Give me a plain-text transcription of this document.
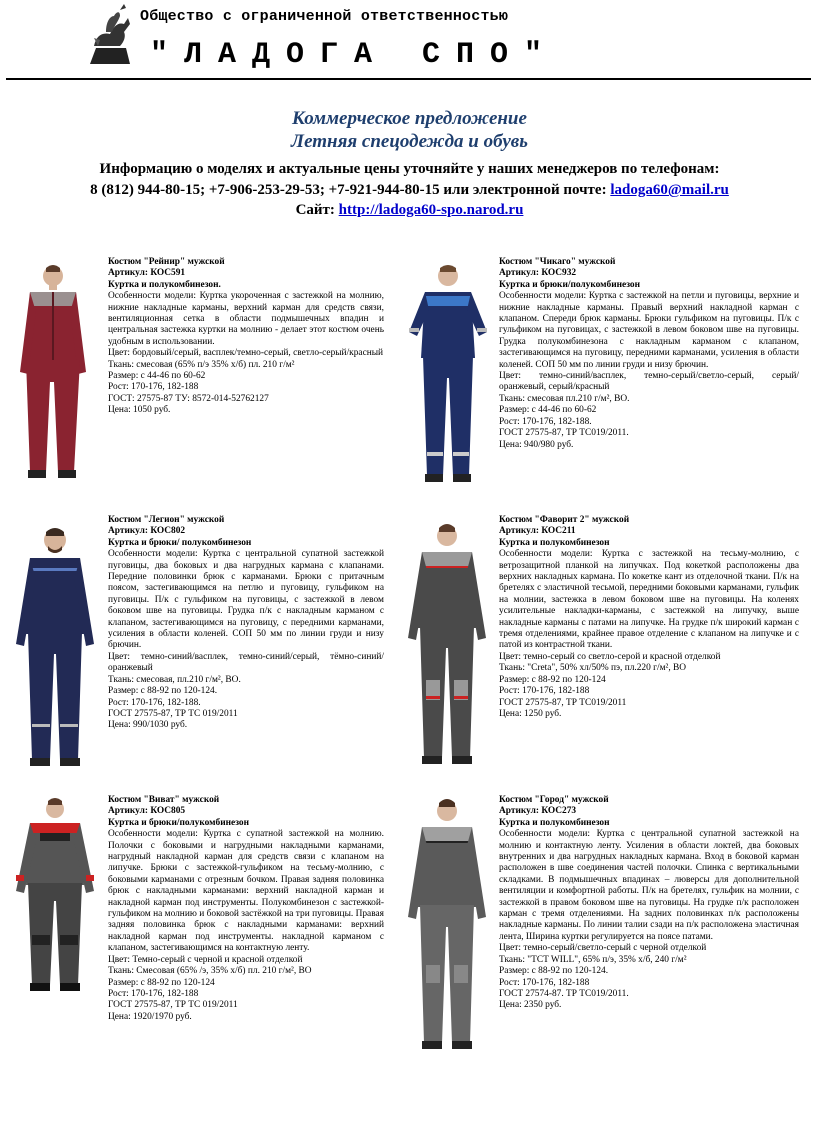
Общество с ограниченной ответственностью
"ЛАДОГА СПО"
Коммерческое предложение
Летняя спецодежда и обувь
Информацию о моделях и актуальные цены уточняйте у наших менеджеров по телефонам:
8 (812) 944-80-15; +7-906-253-29-53; +7-921-944-80-15 или электронной почте: ladoga60@mail.ru
Сайт: http://ladoga60-spo.narod.ru
Костюм "Рейнир" мужской
Артикул: КОС591
Куртка и полукомбинезон.
Особенности модели: Куртка укороченная с застежкой на молнию, нижние накладные карманы, верхний карман для средств связи, вентиляционная сетка в области подмышечных впадин и центральная застежка куртки на молнию - делает этот костюм очень удобным в использовании.
Цвет: бордовый/серый, васплек/темно-серый, светло-серый/красный
Ткань: смесовая (65% п/э 35% х/б) пл. 210 г/м²
Размер: с 44-46 по 60-62
Рост: 170-176, 182-188
ГОСТ: 27575-87 ТУ: 8572-014-52762127
Цена: 1050 руб.
Костюм "Чикаго" мужской
Артикул: КОС932
Куртка и брюки/полукомбинезон
Особенности модели: Куртка с застежкой на петли и пуговицы, верхние и нижние накладные карманы. Правый верхний накладной карман с клапаном. Спереди брюк карманы. Брюки гульфиком на пуговицы. П/к с гульфиком на пуговицах, с застежкой в левом боковом шве на пуговицы. Грудка полукомбинезона с накладным карманом с клапаном, застегивающимся на пуговицу, передними карманами, усиления в области коленей. СОП 50 мм по линии груди и низу брючин.
Цвет: темно-синий/васплек, темно-серый/светло-серый, серый/оранжевый, серый/красный
Ткань: смесовая пл.210 г/м², ВО.
Размер: с 44-46 по 60-62
Рост: 170-176, 182-188.
ГОСТ 27575-87, ТР ТС019/2011.
Цена: 940/980 руб.
Костюм "Легион" мужской
Артикул: КОС802
Куртка и брюки/ полукомбинезон
Особенности модели: Куртка с центральной супатной застежкой пуговицы, два боковых и два нагрудных кармана с клапанами. Передние половинки брюк с карманами. Брюки с притачным поясом, застегивающимся на петлю и пуговицу, гульфиком на пуговицы. П/к с гульфиком на пуговицы, с застежкой в левом боковом шве на пуговицы. Грудка п/к с накладным карманом с клапаном, застегивающимся на пуговицу, с передними карманами, усиления в области коленей. СОП 50 мм по линии груди и низу брючин.
Цвет: темно-синий/васплек, темно-синий/серый, тёмно-синий/оранжевый
Ткань: смесовая, пл.210 г/м², ВО.
Размер: с 88-92 по 120-124.
Рост: 170-176, 182-188.
ГОСТ 27575-87, ТР ТС 019/2011
Цена: 990/1030 руб.
Костюм "Фаворит 2" мужской
Артикул: КОС211
Куртка и полукомбинезон
Особенности модели: Куртка с застежкой на тесьму-молнию, с ветрозащитной планкой на липучках. Под кокеткой расположены два верхних накладных кармана. По кокетке кант из отделочной ткани. П/к на бретелях с эластичной тесьмой, передними боковыми карманами, гульфик на молнии, застежка в левом боковом шве на пуговицы. На коленях усилительные накладки-карманы, с застежкой на липучку, выше накладные карманы с патами на липучке. На грудке п/к широкий карман с тремя отделениями, крайнее правое отделение с клапаном на липучке и с патой из контрастной ткани.
Цвет: темно-серый со светло-серой и красной отделкой
Ткань: "Creta", 50% хл/50% пэ, пл.220 г/м², ВО
Размер: с 88-92 по 120-124
Рост: 170-176, 182-188
ГОСТ 27575-87, ТР ТС019/2011
Цена: 1250 руб.
Костюм "Виват" мужской
Артикул: КОС805
Куртка и брюки/полукомбинезон
Особенности модели: Куртка с супатной застежкой на молнию. Полочки с боковыми и нагрудными накладными карманами, нагрудный накладной карман для средств связи с клапаном на липучке. Брюки с застежкой-гульфиком на тесьму-молнию, с боковыми карманами с отрезным бочком. Правая задняя половинка брюк с накладными карманами: верхний накладной карман и накладной карман под инструменты. Полукомбинезон с застежкой-гульфиком на молнию и боковой застёжкой на три пуговицы. Правая задняя половинка брюк с накладными карманами: верхний накладной карман под инструменты. накладной карманом с клапаном, застегивающимся на контактную ленту.
Цвет: Темно-серый с черной и красной отделкой
Ткань: Смесовая (65% /э, 35% х/б) пл. 210 г/м², ВО
Размер: с 88-92 по 120-124
Рост: 170-176, 182-188
ГОСТ 27575-87, ТР ТС 019/2011
Цена: 1920/1970 руб.
Костюм "Город" мужской
Артикул: КОС273
Куртка и полукомбинезон
Особенности модели: Куртка с центральной супатной застежкой на молнию и контактную ленту. Усиления в области локтей, два боковых внутренних и два нагрудных накладных кармана. Вход в боковой карман расположен в шве соединения частей полочки. Спинка с вертикальными складками. В подмышечных впадинах – люверсы для дополнительной вентиляции и комфортной работы. П/к на бретелях, гульфик на молнии, с застежкой в правом боковом шве на пуговицы. На грудке п/к расположен карман с тремя отделениями. На задних половинках п/к расположены накладные карманы. По линии талии сзади на п/к расположена эластичная лента, Ширина куртки регулируется на поясе патами.
Цвет: темно-серый/светло-серый с черной отделкой
Ткань: "TCT WILL", 65% п/э, 35% х/б, 240 г/м²
Размер: с 88-92 по 120-124.
Рост: 170-176, 182-188
ГОСТ 27574-87. ТР ТС019/2011.
Цена: 2350 руб.
